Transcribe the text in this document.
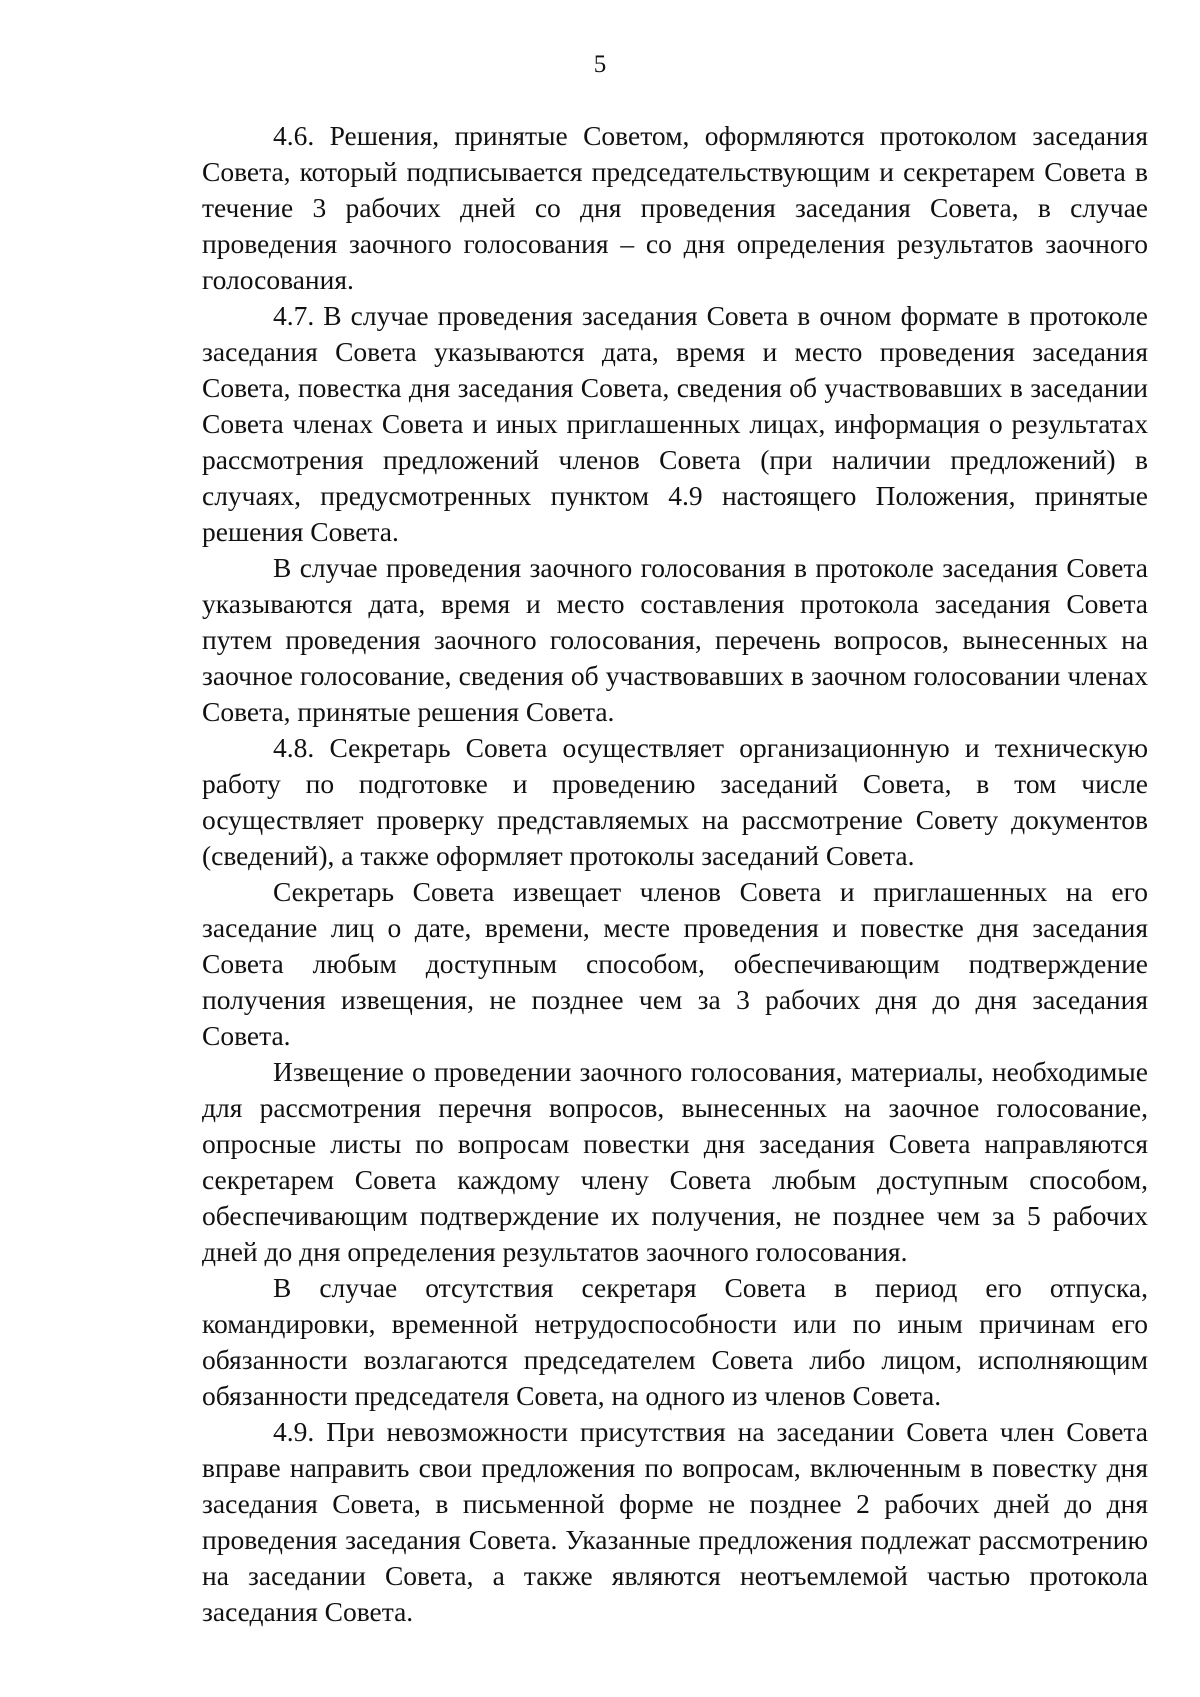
5

4.6. Решения, принятые Советом, оформляются протоколом заседания Совета, который подписывается председательствующим и секретарем Совета в течение 3 рабочих дней со дня проведения заседания Совета, в случае проведения заочного голосования – со дня определения результатов заочного голосования.

4.7. В случае проведения заседания Совета в очном формате в протоколе заседания Совета указываются дата, время и место проведения заседания Совета, повестка дня заседания Совета, сведения об участвовавших в заседании Совета членах Совета и иных приглашенных лицах, информация о результатах рассмотрения предложений членов Совета (при наличии предложений) в случаях, предусмотренных пунктом 4.9 настоящего Положения, принятые решения Совета.

В случае проведения заочного голосования в протоколе заседания Совета указываются дата, время и место составления протокола заседания Совета путем проведения заочного голосования, перечень вопросов, вынесенных на заочное голосование, сведения об участвовавших в заочном голосовании членах Совета, принятые решения Совета.

4.8. Секретарь Совета осуществляет организационную и техническую работу по подготовке и проведению заседаний Совета, в том числе осуществляет проверку представляемых на рассмотрение Совету документов (сведений), а также оформляет протоколы заседаний Совета.

Секретарь Совета извещает членов Совета и приглашенных на его заседание лиц о дате, времени, месте проведения и повестке дня заседания Совета любым доступным способом, обеспечивающим подтверждение получения извещения, не позднее чем за 3 рабочих дня до дня заседания Совета.

Извещение о проведении заочного голосования, материалы, необходимые для рассмотрения перечня вопросов, вынесенных на заочное голосование, опросные листы по вопросам повестки дня заседания Совета направляются секретарем Совета каждому члену Совета любым доступным способом, обеспечивающим подтверждение их получения, не позднее чем за 5 рабочих дней до дня определения результатов заочного голосования.

В случае отсутствия секретаря Совета в период его отпуска, командировки, временной нетрудоспособности или по иным причинам его обязанности возлагаются председателем Совета либо лицом, исполняющим обязанности председателя Совета, на одного из членов Совета.

4.9. При невозможности присутствия на заседании Совета член Совета вправе направить свои предложения по вопросам, включенным в повестку дня заседания Совета, в письменной форме не позднее 2 рабочих дней до дня проведения заседания Совета. Указанные предложения подлежат рассмотрению на заседании Совета, а также являются неотъемлемой частью протокола заседания Совета.
